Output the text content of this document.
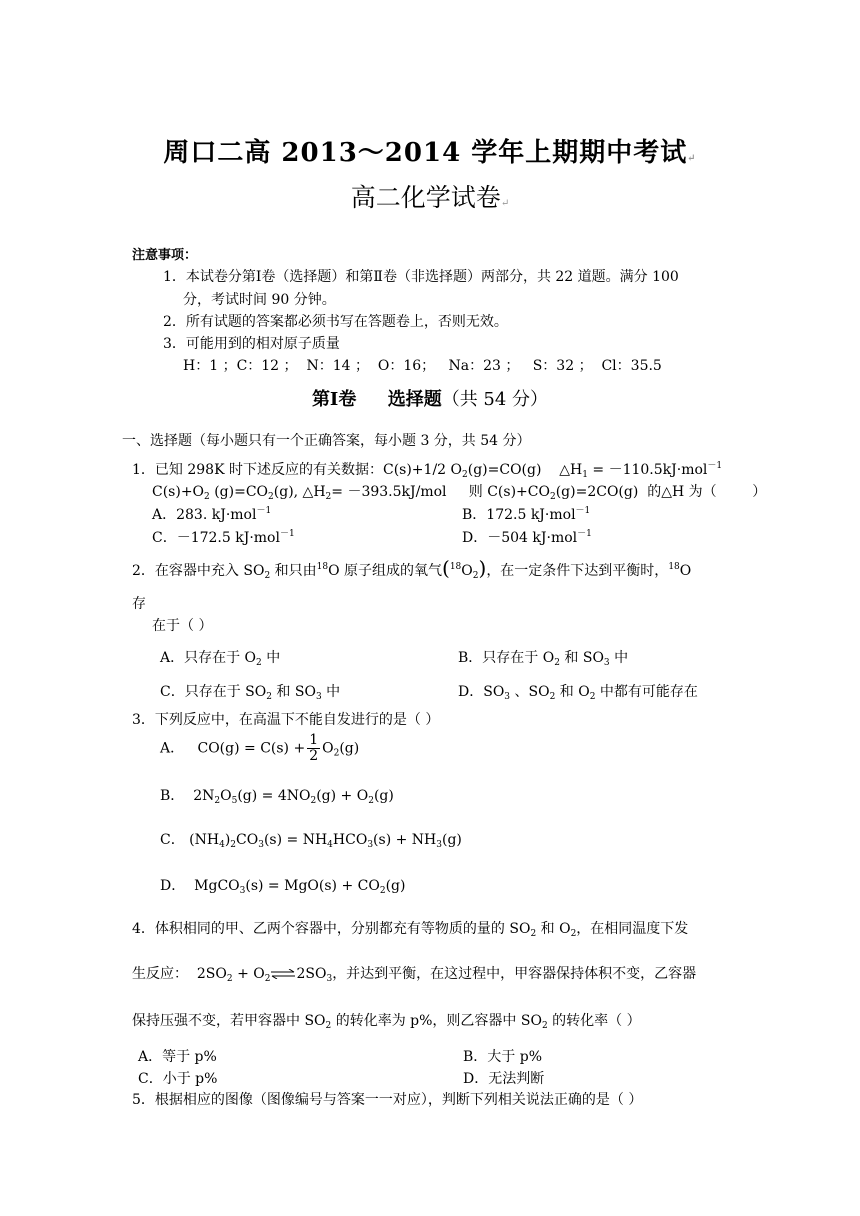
周口二高 2013～2014 学年上期期中考试↵
高二化学试卷↵
注意事项：
1．本试卷分第Ⅰ卷（选择题）和第Ⅱ卷（非选择题）两部分，共 22 道题。满分 100
分，考试时间 90 分钟。
2．所有试题的答案都必须书写在答题卷上，否则无效。
3．可能用到的相对原子质量
H：1 ；C：12 ；  N：14 ；  O：16；   Na：23 ；   S：32 ；  Cl：35.5
第Ⅰ卷 选择题（共 54 分）
一、选择题（每小题只有一个正确答案，每小题 3 分，共 54 分）
1．已知 298K 时下述反应的有关数据：C(s)+1/2 $O_2(g)=CO(g)$    $\triangle H_1 = -110.5kJ\cdot mol^{-1}$
$C(s)+O_2$ $(g)=CO_2(g)$, $\triangle H_2= -393.5kJ/mol$     则 $C(s)+CO_2(g)=2CO(g)$  的△H 为（        ）
A．283. kJ·mol$^{-1}$	B．172.5 kJ·mol$^{-1}$
C．－172.5 kJ·mol$^{-1}$	D．－504 kJ·mol$^{-1}$
2．在容器中充入 $SO_2$ 和只由$^{18}$O 原子组成的氧气$(^{18}O_2)$，在一定条件下达到平衡时，$^{18}$O
存
在于（ ）
A．只存在于 $O_2$ 中	B．只存在于 $O_2$ 和 $SO_3$ 中
C．只存在于 $SO_2$ 和 $SO_3$ 中	D．$SO_3$ 、$SO_2$ 和 $O_2$ 中都有可能存在
3．下列反应中，在高温下不能自发进行的是（ ）
A． $CO(g) = C(s) + \frac{1}{2} O_2(g)$
B． $2N_2O_5(g) = 4NO_2(g) + O_2(g)$
C． $(NH_4)_2CO_3(s) = NH_4HCO_3(s) + NH_3(g)$
D． MgCO$_3$(s) = $MgO(s) + CO_2(g)$
4．体积相同的甲、乙两个容器中，分别都充有等物质的量的 $SO_2$ 和 $O_2$，在相同温度下发
生反应：  $2SO_2$ + $O_2\rightleftharpoons 2SO_3$，并达到平衡，在这过程中，甲容器保持体积不变，乙容器
保持压强不变，若甲容器中 $SO_2$ 的转化率为 p%，则乙容器中 $SO_2$ 的转化率（ ）
A．等于 p%	B．大于 p%
C．小于 p%	D．无法判断
5．根据相应的图像（图像编号与答案一一对应），判断下列相关说法正确的是（ ）
